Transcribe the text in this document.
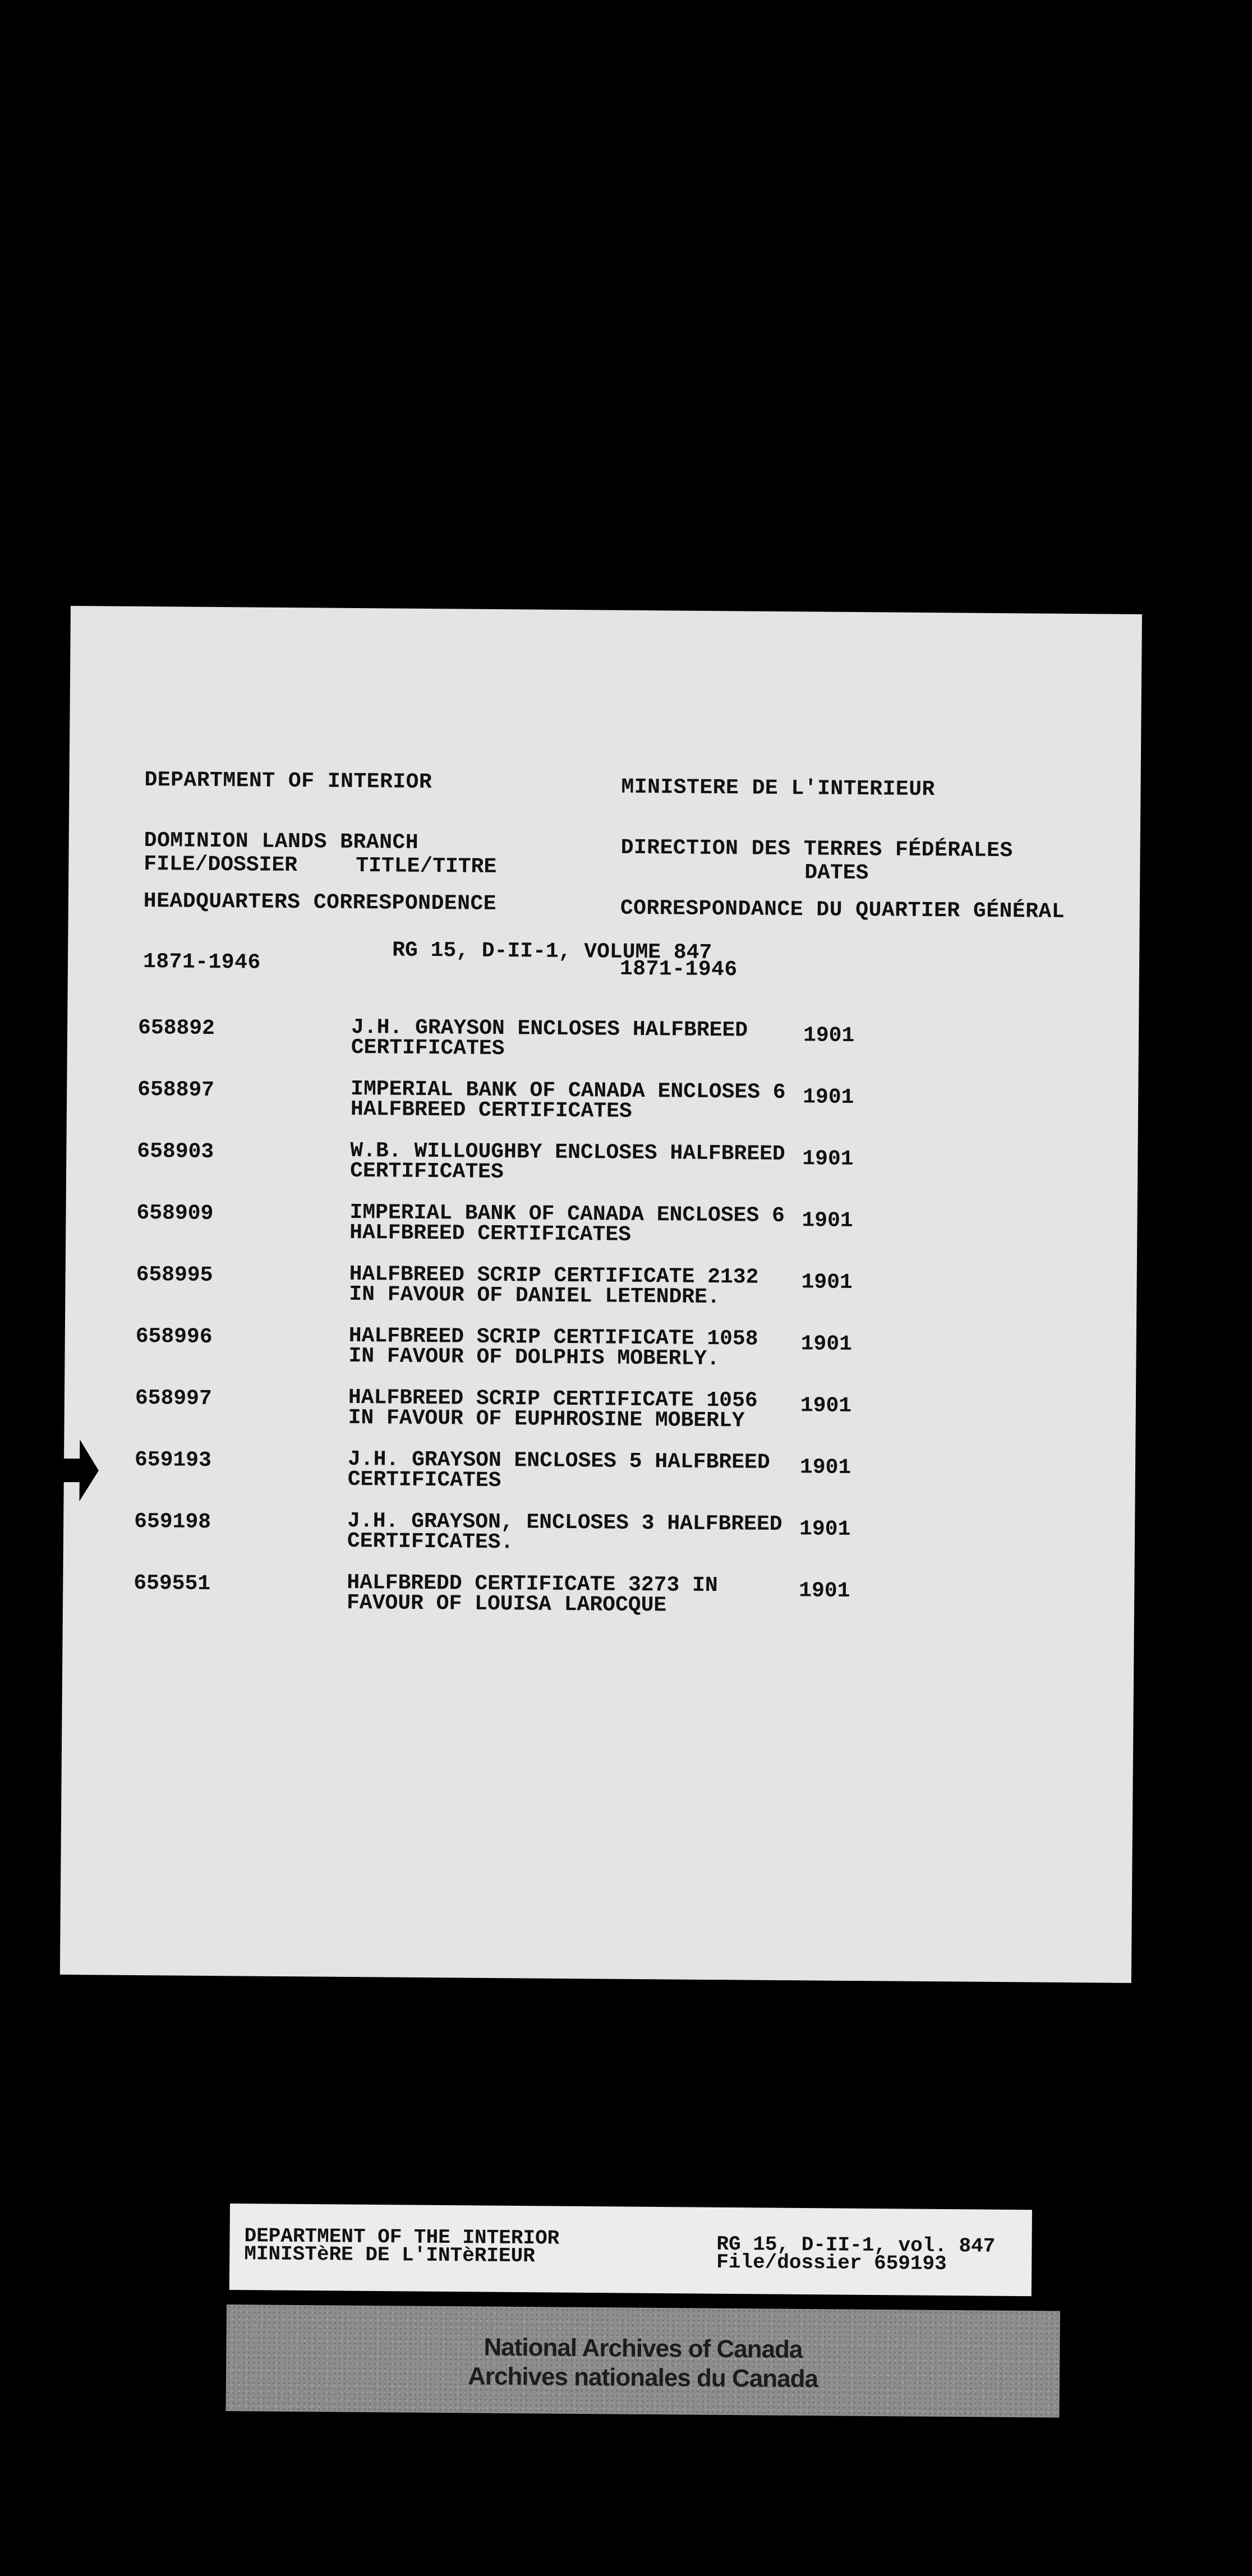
DEPARTMENT OF INTERIOR

DOMINION LANDS BRANCH

HEADQUARTERS CORRESPONDENCE

1871-1946

MINISTERE DE L'INTERIEUR

DIRECTION DES TERRES FÉDÉRALES

CORRESPONDANCE DU QUARTIER GÉNÉRAL

1871-1946

FILE/DOSSIER	TITLE/TITRE	DATES
RG 15, D-II-1, VOLUME 847
658892	J.H. GRAYSON ENCLOSES HALFBREED
CERTIFICATES	1901
658897	IMPERIAL BANK OF CANADA ENCLOSES 6
HALFBREED CERTIFICATES	1901
658903	W.B. WILLOUGHBY ENCLOSES HALFBREED
CERTIFICATES	1901
658909	IMPERIAL BANK OF CANADA ENCLOSES 6
HALFBREED CERTIFICATES	1901
658995	HALFBREED SCRIP CERTIFICATE 2132
IN FAVOUR OF DANIEL LETENDRE.	1901
658996	HALFBREED SCRIP CERTIFICATE 1058
IN FAVOUR OF DOLPHIS MOBERLY.	1901
658997	HALFBREED SCRIP CERTIFICATE 1056
IN FAVOUR OF EUPHROSINE MOBERLY	1901
659193	J.H. GRAYSON ENCLOSES 5 HALFBREED
CERTIFICATES	1901
659198	J.H. GRAYSON, ENCLOSES 3 HALFBREED
CERTIFICATES.	1901
659551	HALFBREDD CERTIFICATE 3273 IN
FAVOUR OF LOUISA LAROCQUE	1901
DEPARTMENT OF THE INTERIOR
MINISTèRE DE L'INTèRIEUR	RG 15, D-II-1, vol. 847
File/dossier 659193
National Archives of Canada
Archives nationales du Canada
